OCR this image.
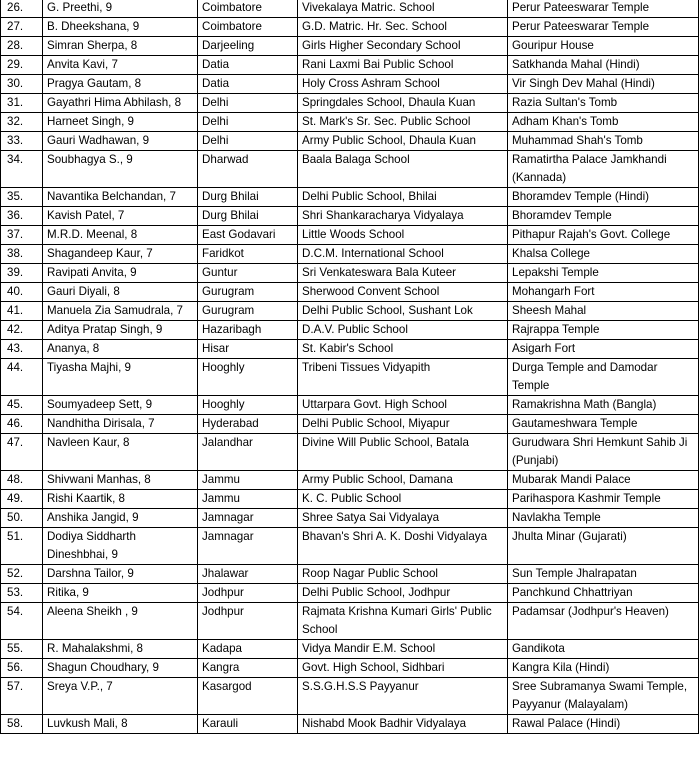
26.	G. Preethi, 9	Coimbatore	Vivekalaya Matric. School	Perur Pateeswarar Temple
27.	B. Dheekshana, 9	Coimbatore	G.D. Matric. Hr. Sec. School	Perur Pateeswarar Temple
28.	Simran Sherpa, 8	Darjeeling	Girls Higher Secondary School	Gouripur House
29.	Anvita Kavi, 7	Datia	Rani Laxmi Bai Public School	Satkhanda Mahal (Hindi)
30.	Pragya Gautam, 8	Datia	Holy Cross Ashram School	Vir Singh Dev Mahal (Hindi)
31.	Gayathri Hima Abhilash, 8	Delhi	Springdales School, Dhaula Kuan	Razia Sultan's Tomb
32.	Harneet Singh, 9	Delhi	St. Mark's Sr. Sec. Public School	Adham Khan's Tomb
33.	Gauri Wadhawan, 9	Delhi	Army Public School, Dhaula Kuan	Muhammad Shah's Tomb
34.	Soubhagya S., 9	Dharwad	Baala Balaga School	Ramatirtha Palace Jamkhandi (Kannada)
35.	Navantika Belchandan, 7	Durg Bhilai	Delhi Public School, Bhilai	Bhoramdev Temple (Hindi)
36.	Kavish Patel, 7	Durg Bhilai	Shri Shankaracharya Vidyalaya	Bhoramdev Temple
37.	M.R.D. Meenal, 8	East Godavari	Little Woods School	Pithapur Rajah's Govt. College
38.	Shagandeep Kaur, 7	Faridkot	D.C.M. International School	Khalsa College
39.	Ravipati Anvita, 9	Guntur	Sri Venkateswara Bala Kuteer	Lepakshi Temple
40.	Gauri Diyali, 8	Gurugram	Sherwood Convent School	Mohangarh Fort
41.	Manuela Zia Samudrala, 7	Gurugram	Delhi Public School, Sushant Lok	Sheesh Mahal
42.	Aditya Pratap Singh, 9	Hazaribagh	D.A.V. Public School	Rajrappa Temple
43.	Ananya, 8	Hisar	St. Kabir's School	Asigarh Fort
44.	Tiyasha Majhi, 9	Hooghly	Tribeni Tissues Vidyapith	Durga Temple and Damodar Temple
45.	Soumyadeep Sett, 9	Hooghly	Uttarpara Govt. High School	Ramakrishna Math (Bangla)
46.	Nandhitha Dirisala, 7	Hyderabad	Delhi Public School, Miyapur	Gautameshwara Temple
47.	Navleen Kaur, 8	Jalandhar	Divine Will Public School, Batala	Gurudwara Shri Hemkunt Sahib Ji (Punjabi)
48.	Shivwani Manhas, 8	Jammu	Army Public School, Damana	Mubarak Mandi Palace
49.	Rishi Kaartik, 8	Jammu	K. C. Public School	Parihaspora Kashmir Temple
50.	Anshika Jangid, 9	Jamnagar	Shree Satya Sai Vidyalaya	Navlakha Temple
51.	Dodiya Siddharth Dineshbhai, 9	Jamnagar	Bhavan's Shri A. K. Doshi Vidyalaya	Jhulta Minar (Gujarati)
52.	Darshna Tailor, 9	Jhalawar	Roop Nagar Public School	Sun Temple Jhalrapatan
53.	Ritika, 9	Jodhpur	Delhi Public School, Jodhpur	Panchkund Chhattriyan
54.	Aleena Sheikh , 9	Jodhpur	Rajmata Krishna Kumari Girls' Public School	Padamsar (Jodhpur's Heaven)
55.	R. Mahalakshmi, 8	Kadapa	Vidya Mandir E.M. School	Gandikota
56.	Shagun Choudhary, 9	Kangra	Govt. High School, Sidhbari	Kangra Kila (Hindi)
57.	Sreya V.P., 7	Kasargod	S.S.G.H.S.S Payyanur	Sree Subramanya Swami Temple, Payyanur (Malayalam)
58.	Luvkush Mali, 8	Karauli	Nishabd Mook Badhir Vidyalaya	Rawal Palace (Hindi)
